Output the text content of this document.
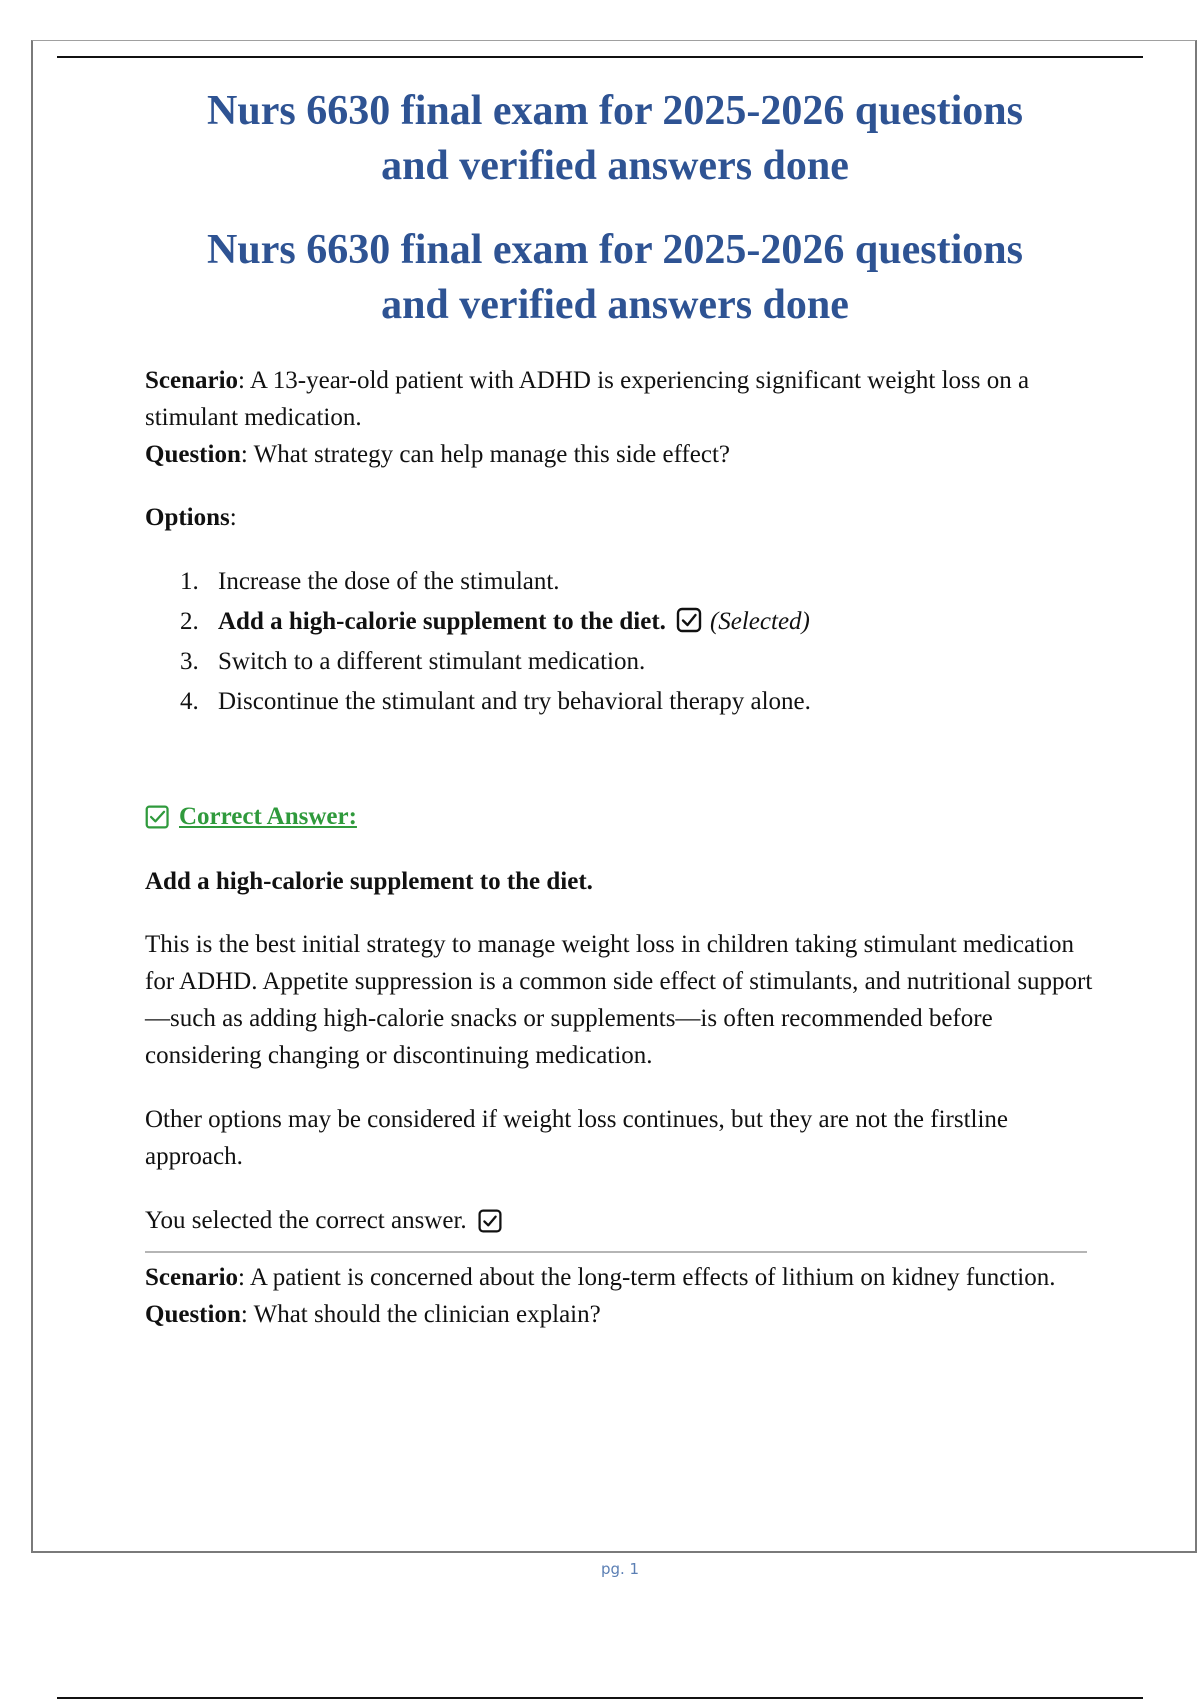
Nurs 6630 final exam for 2025-2026 questions
and verified answers done
Nurs 6630 final exam for 2025-2026 questions
and verified answers done

Scenario: A 13-year-old patient with ADHD is experiencing significant weight loss on a stimulant medication.

Question: What strategy can help manage this side effect?

Options:

1. Increase the dose of the stimulant.
2. Add a high-calorie supplement to the diet. (Selected)
3. Switch to a different stimulant medication.
4. Discontinue the stimulant and try behavioral therapy alone.

Correct Answer:

Add a high-calorie supplement to the diet.

This is the best initial strategy to manage weight loss in children taking stimulant medication for ADHD. Appetite suppression is a common side effect of stimulants, and nutritional support—such as adding high-calorie snacks or supplements—is often recommended before considering changing or discontinuing medication.

Other options may be considered if weight loss continues, but they are not the firstline approach.

You selected the correct answer.

Scenario: A patient is concerned about the long-term effects of lithium on kidney function.

Question: What should the clinician explain?

pg. 1
